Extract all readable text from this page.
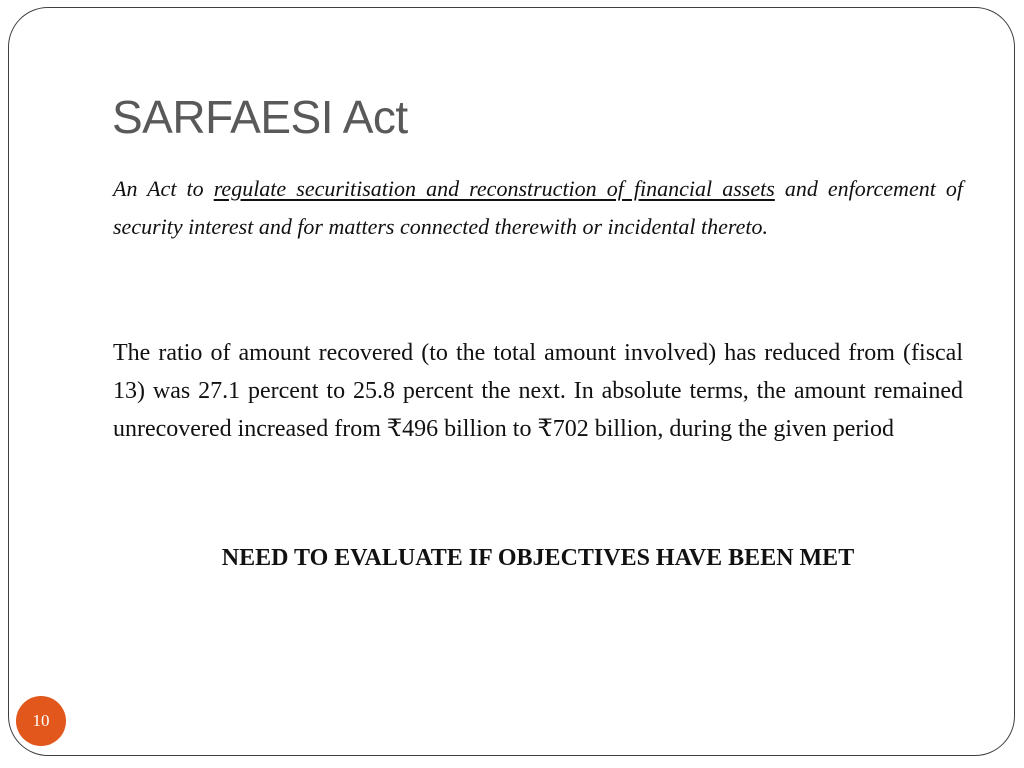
SARFAESI Act

An Act to regulate securitisation and reconstruction of financial assets and enforcement of security interest and for matters connected therewith or incidental thereto.

The ratio of amount recovered (to the total amount involved) has reduced from (fiscal 13) was 27.1 percent to 25.8 percent the next. In absolute terms, the amount remained unrecovered increased from ₹496 billion to ₹702 billion, during the given period

NEED TO EVALUATE IF OBJECTIVES HAVE BEEN MET

10
